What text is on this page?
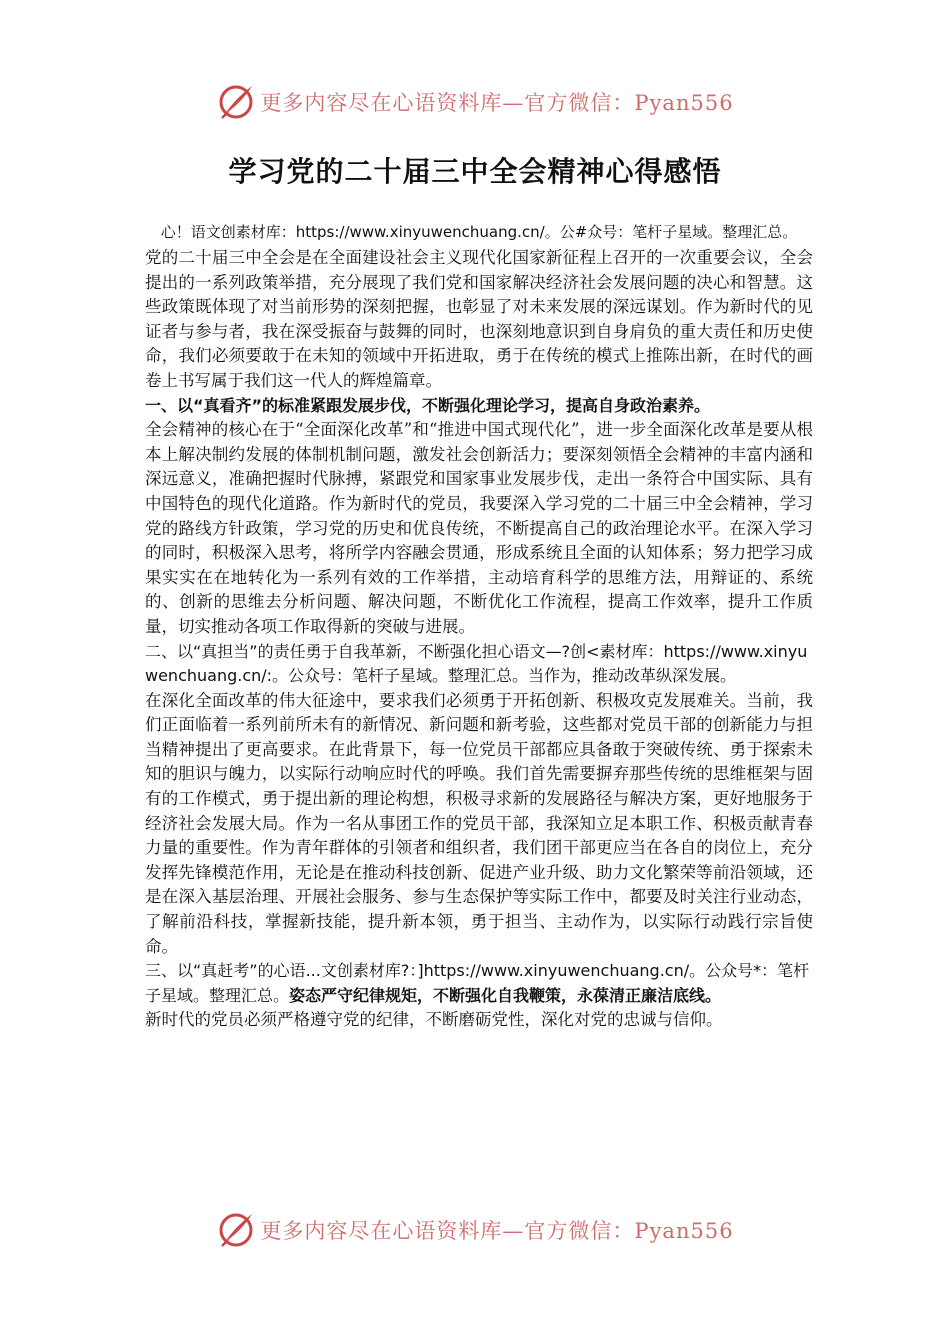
更多内容尽在心语资料库—官方微信：Pyan556
学习党的二十届三中全会精神心得感悟

心！语文创素材库：https://www.xinyuwenchuang.cn/。公#众号：笔杆子星域。整理汇总。

党的二十届三中全会是在全面建设社会主义现代化国家新征程上召开的一次重要会议，全会提出的一系列政策举措，充分展现了我们党和国家解决经济社会发展问题的决心和智慧。这些政策既体现了对当前形势的深刻把握，也彰显了对未来发展的深远谋划。作为新时代的见证者与参与者，我在深受振奋与鼓舞的同时，也深刻地意识到自身肩负的重大责任和历史使命，我们必须要敢于在未知的领域中开拓进取，勇于在传统的模式上推陈出新，在时代的画卷上书写属于我们这一代人的辉煌篇章。

一、以“真看齐”的标准紧跟发展步伐，不断强化理论学习，提高自身政治素养。

全会精神的核心在于“全面深化改革”和“推进中国式现代化”，进一步全面深化改革是要从根本上解决制约发展的体制机制问题，激发社会创新活力；要深刻领悟全会精神的丰富内涵和深远意义，准确把握时代脉搏，紧跟党和国家事业发展步伐，走出一条符合中国实际、具有中国特色的现代化道路。作为新时代的党员，我要深入学习党的二十届三中全会精神，学习党的路线方针政策，学习党的历史和优良传统，不断提高自己的政治理论水平。在深入学习的同时，积极深入思考，将所学内容融会贯通，形成系统且全面的认知体系；努力把学习成果实实在在地转化为一系列有效的工作举措，主动培育科学的思维方法，用辩证的、系统的、创新的思维去分析问题、解决问题，不断优化工作流程，提高工作效率，提升工作质量，切实推动各项工作取得新的突破与进展。

二、以“真担当”的责任勇于自我革新，不断强化担心语文—?创<素材库：https://www.xinyuwenchuang.cn/:。公众号：笔杆子星域。整理汇总。当作为，推动改革纵深发展。

在深化全面改革的伟大征途中，要求我们必须勇于开拓创新、积极攻克发展难关。当前，我们正面临着一系列前所未有的新情况、新问题和新考验，这些都对党员干部的创新能力与担当精神提出了更高要求。在此背景下，每一位党员干部都应具备敢于突破传统、勇于探索未知的胆识与魄力，以实际行动响应时代的呼唤。我们首先需要摒弃那些传统的思维框架与固有的工作模式，勇于提出新的理论构想，积极寻求新的发展路径与解决方案，更好地服务于经济社会发展大局。作为一名从事团工作的党员干部，我深知立足本职工作、积极贡献青春力量的重要性。作为青年群体的引领者和组织者，我们团干部更应当在各自的岗位上，充分发挥先锋模范作用，无论是在推动科技创新、促进产业升级、助力文化繁荣等前沿领域，还是在深入基层治理、开展社会服务、参与生态保护等实际工作中，都要及时关注行业动态，了解前沿科技，掌握新技能，提升新本领，勇于担当、主动作为，以实际行动践行宗旨使命。

三、以“真赶考”的心语...文创素材库?：]https://www.xinyuwenchuang.cn/。公众号*：笔杆子星域。整理汇总。姿态严守纪律规矩，不断强化自我鞭策，永葆清正廉洁底线。

新时代的党员必须严格遵守党的纪律，不断磨砺党性，深化对党的忠诚与信仰。

更多内容尽在心语资料库—官方微信：Pyan556
